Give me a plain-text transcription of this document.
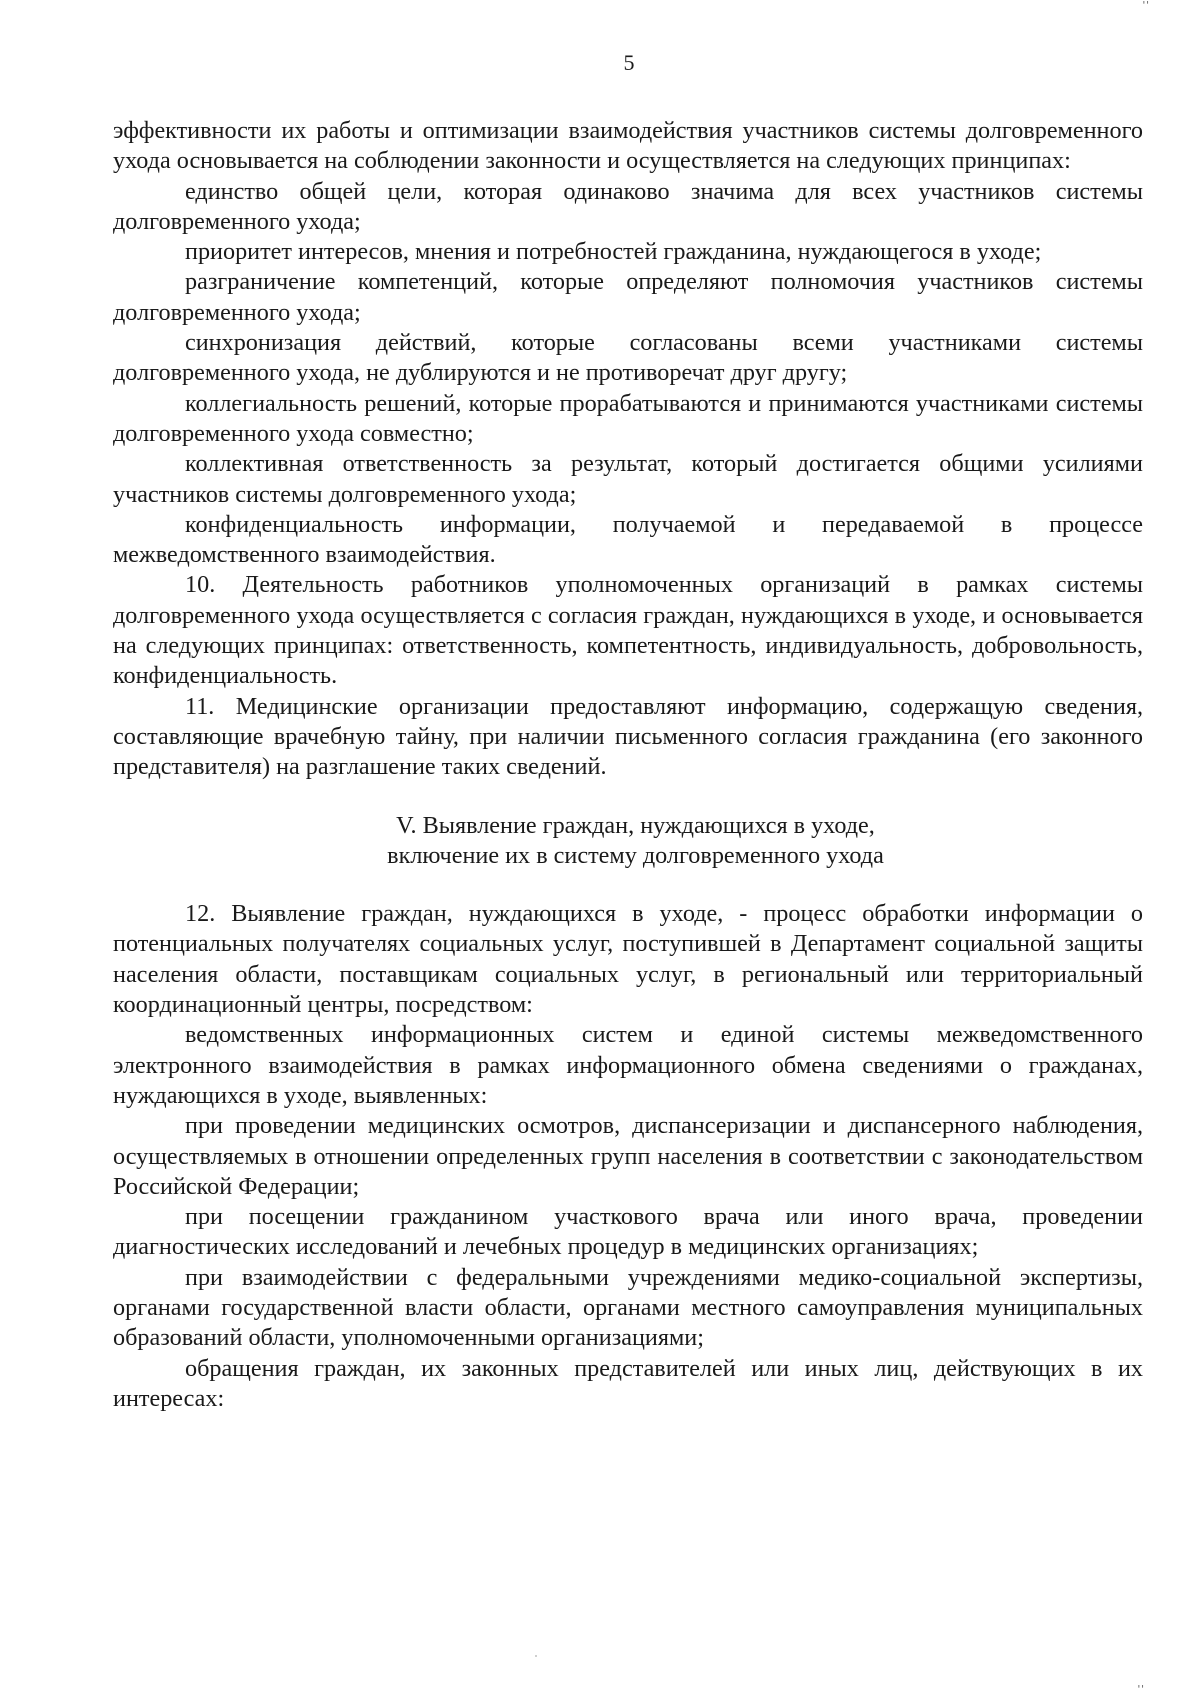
''
''
5

эффективности их работы и оптимизации взаимодействия участников системы долговременного ухода основывается на соблюдении законности и осуществляется на следующих принципах:

единство общей цели, которая одинаково значима для всех участников системы долговременного ухода;

приоритет интересов, мнения и потребностей гражданина, нуждающегося в уходе;

разграничение компетенций, которые определяют полномочия участников системы долговременного ухода;

синхронизация действий, которые согласованы всеми участниками системы долговременного ухода, не дублируются и не противоречат друг другу;

коллегиальность решений, которые прорабатываются и принимаются участниками системы долговременного ухода совместно;

коллективная ответственность за результат, который достигается общими усилиями участников системы долговременного ухода;

конфиденциальность информации, получаемой и передаваемой в процессе межведомственного взаимодействия.

10. Деятельность работников уполномоченных организаций в рамках системы долговременного ухода осуществляется с согласия граждан, нуждающихся в уходе, и основывается на следующих принципах: ответственность, компетентность, индивидуальность, добровольность, конфиденциальность.

11. Медицинские организации предоставляют информацию, содержащую сведения, составляющие врачебную тайну, при наличии письменного согласия гражданина (его законного представителя) на разглашение таких сведений.

V. Выявление граждан, нуждающихся в уходе,

включение их в систему долговременного ухода

12. Выявление граждан, нуждающихся в уходе, - процесс обработки информации о потенциальных получателях социальных услуг, поступившей в Департамент социальной защиты населения области, поставщикам социальных услуг, в региональный или территориальный координационный центры, посредством:

ведомственных информационных систем и единой системы межведомственного электронного взаимодействия в рамках информационного обмена сведениями о гражданах, нуждающихся в уходе, выявленных:

при проведении медицинских осмотров, диспансеризации и диспансерного наблюдения, осуществляемых в отношении определенных групп населения в соответствии с законодательством Российской Федерации;

при посещении гражданином участкового врача или иного врача, проведении диагностических исследований и лечебных процедур в медицинских организациях;

при взаимодействии с федеральными учреждениями медико-социальной экспертизы, органами государственной власти области, органами местного самоуправления муниципальных образований области, уполномоченными организациями;

обращения граждан, их законных представителей или иных лиц, действующих в их интересах:
